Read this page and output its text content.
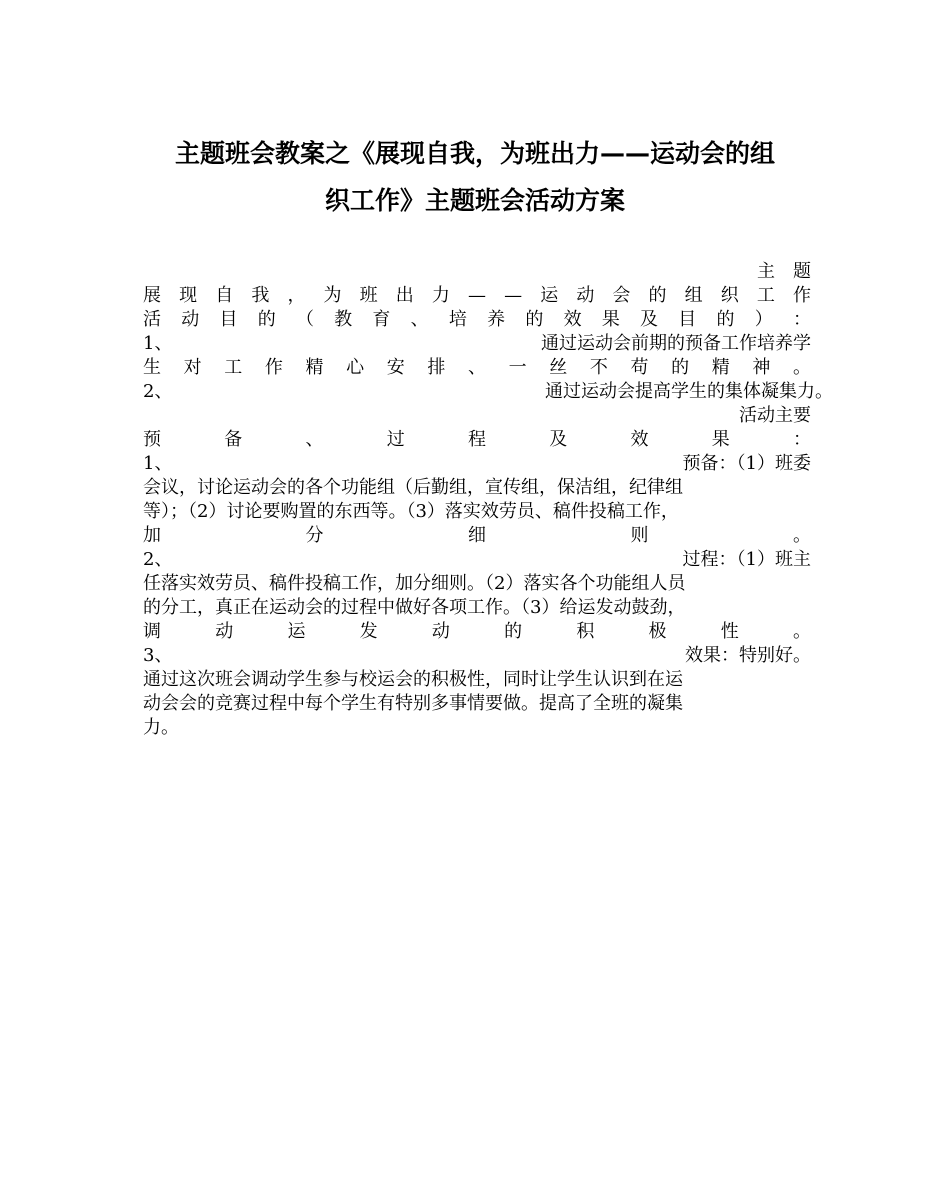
主题班会教案之《展现自我，为班出力——运动会的组
织工作》主题班会活动方案
主　题
展 现 自 我 ， 为 班 出 力 — — 运 动 会 的 组 织 工 作
活 动 目 的 （ 教 育 、 培 养 的 效 果 及 目 的 ） ：
1、	通过运动会前期的预备工作培养学
生 对 工 作 精 心 安 排 、 一 丝 不 苟 的 精 神 。
2、	通过运动会提高学生的集体凝集力。
活动主要
预	备	、	过	程	及	效	果	：
1、	预备：（1）班委
会议，讨论运动会的各个功能组（后勤组，宣传组，保洁组，纪律组
等）；（2）讨论要购置的东西等。（3）落实效劳员、稿件投稿工作，
加	分	细	则	。
2、	过程：（1）班主
任落实效劳员、稿件投稿工作，加分细则。（2）落实各个功能组人员
的分工，真正在运动会的过程中做好各项工作。（3）给运发动鼓劲，
调	动	运	发	动	的	积	极	性	。
3、	效果：特别好。
通过这次班会调动学生参与校运会的积极性，同时让学生认识到在运
动会会的竞赛过程中每个学生有特别多事情要做。提高了全班的凝集
力。
